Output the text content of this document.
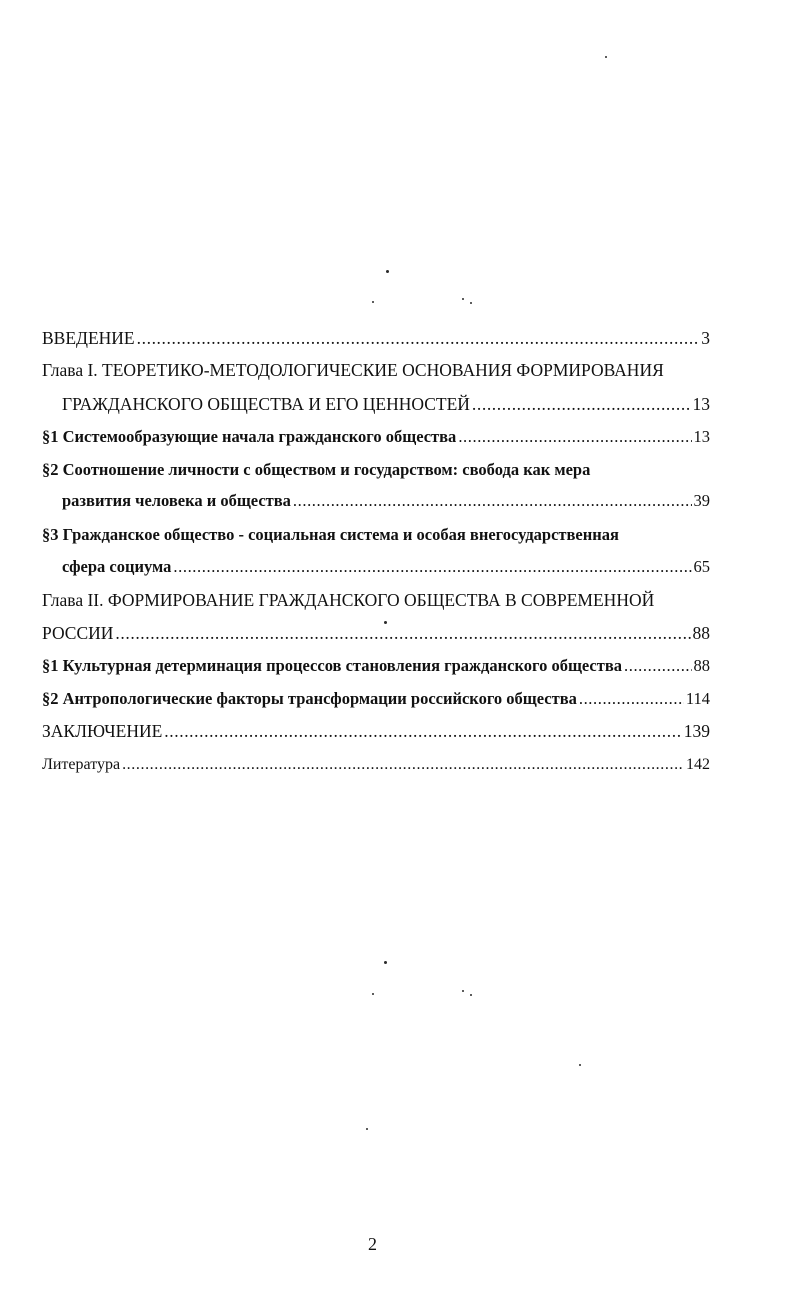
ВВЕДЕНИЕ .....	3
Глава I. ТЕОРЕТИКО-МЕТОДОЛОГИЧЕСКИЕ ОСНОВАНИЯ ФОРМИРОВАНИЯ
ГРАЖДАНСКОГО ОБЩЕСТВА И ЕГО ЦЕННОСТЕЙ .....	13
§1 Системообразующие начала гражданского общества .....	13
§2 Соотношение личности с обществом и государством: свобода как мера
развития человека и общества .....	39
§3 Гражданское общество - социальная система и особая внегосударственная
сфера социума .....	65
Глава II. ФОРМИРОВАНИЕ ГРАЖДАНСКОГО ОБЩЕСТВА В СОВРЕМЕННОЙ
РОССИИ .....	88
§1 Культурная детерминация процессов становления гражданского общества .....	88
§2 Антропологические факторы трансформации российского общества .....	114
ЗАКЛЮЧЕНИЕ .....	139
Литература .....	142
2
